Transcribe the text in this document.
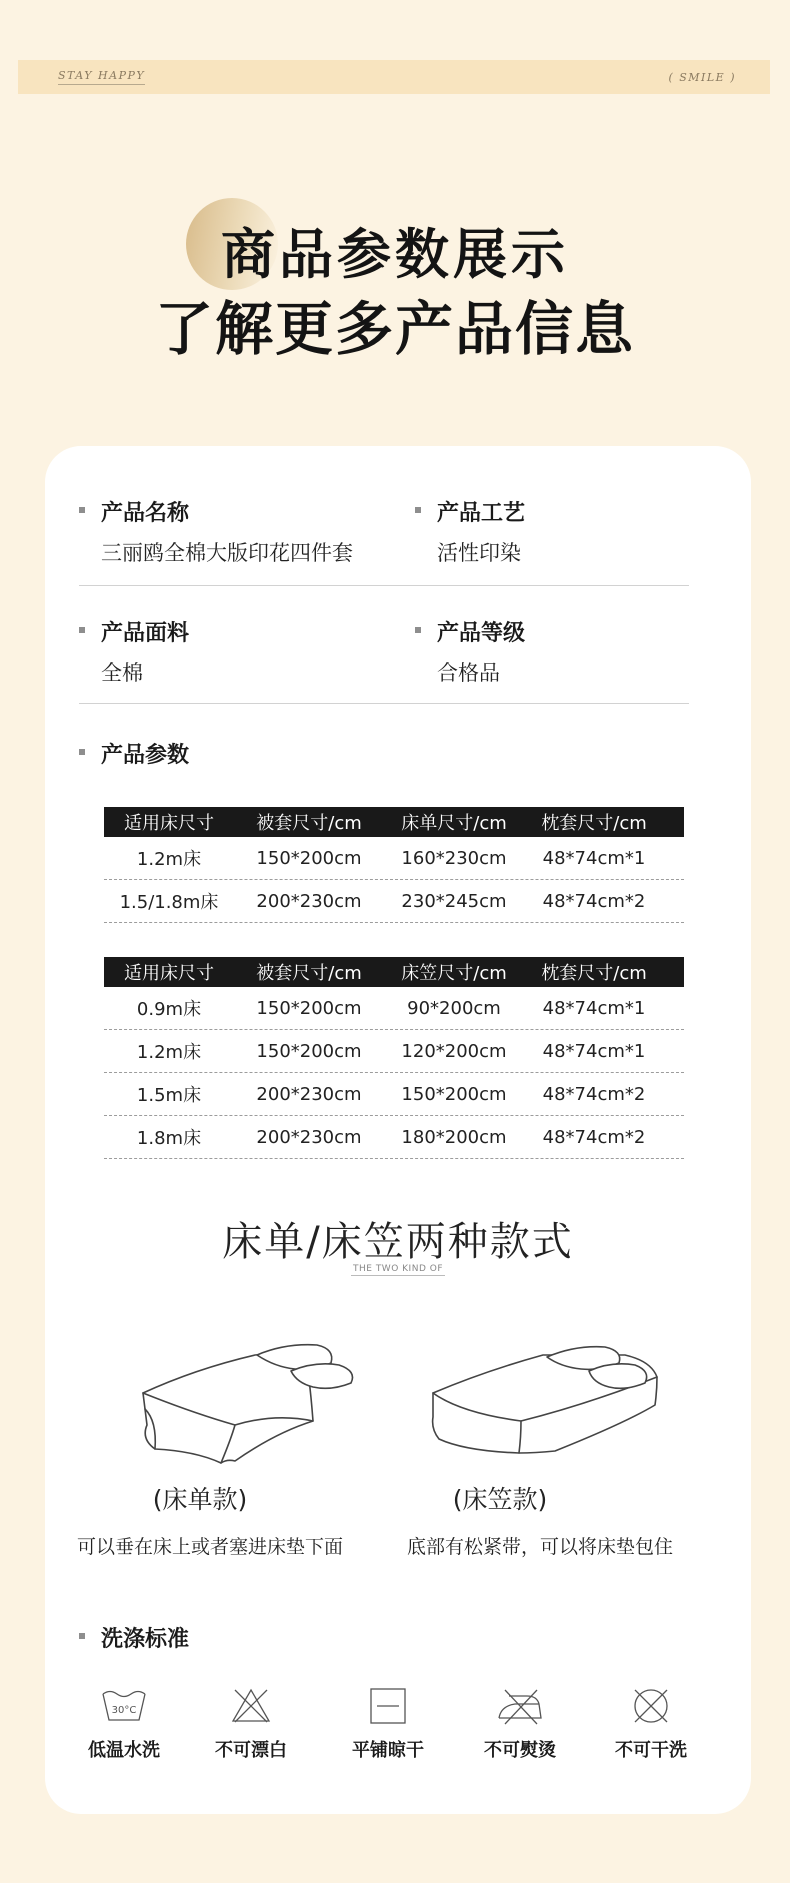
STAY HAPPY	( SMILE )
商品参数展示
了解更多产品信息
产品名称
三丽鸥全棉大版印花四件套
产品工艺
活性印染
产品面料
全棉
产品等级
合格品
产品参数
适用床尺寸	被套尺寸/cm	床单尺寸/cm	枕套尺寸/cm
1.2m床	150*200cm	160*230cm	48*74cm*1
1.5/1.8m床	200*230cm	230*245cm	48*74cm*2
适用床尺寸	被套尺寸/cm	床笠尺寸/cm	枕套尺寸/cm
0.9m床	150*200cm	90*200cm	48*74cm*1
1.2m床	150*200cm	120*200cm	48*74cm*1
1.5m床	200*230cm	150*200cm	48*74cm*2
1.8m床	200*230cm	180*200cm	48*74cm*2
床单/床笠两种款式
THE TWO KIND OF
(床单款)	(床笠款)
可以垂在床上或者塞进床垫下面	底部有松紧带，可以将床垫包住
洗涤标准
30°C
低温水洗	不可漂白	平铺晾干	不可熨烫	不可干洗
